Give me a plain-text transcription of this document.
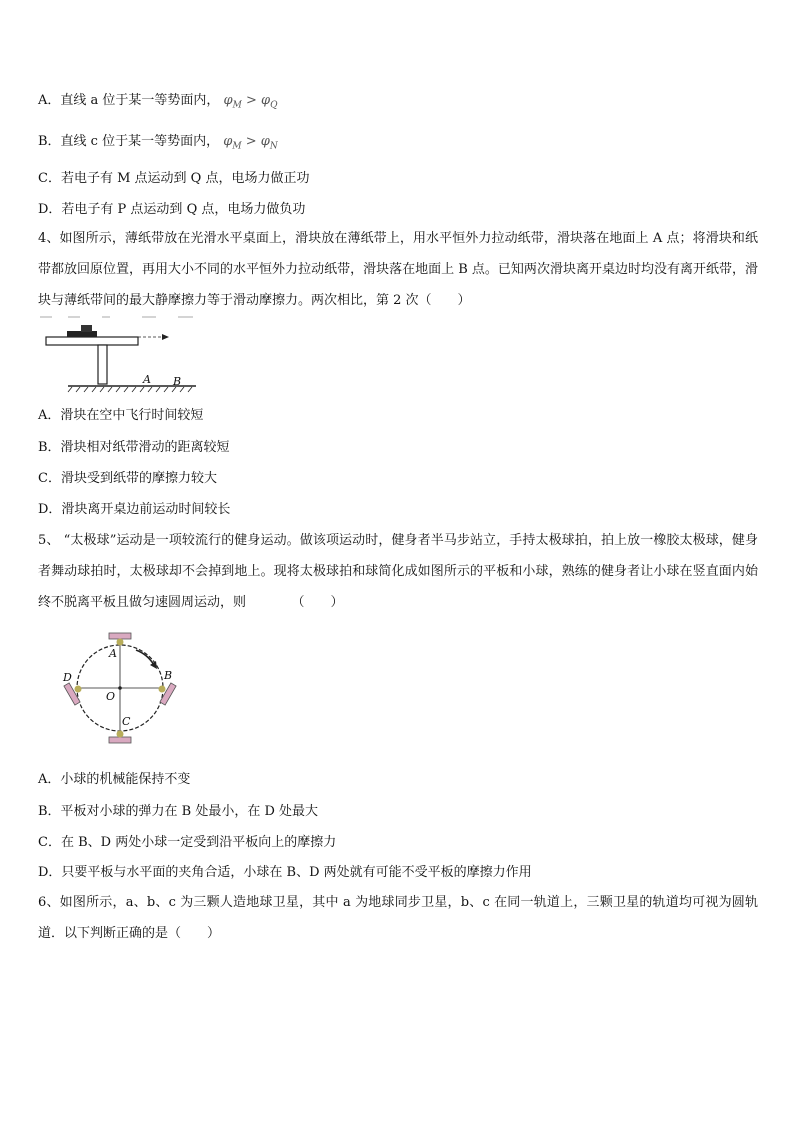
A．直线 a 位于某一等势面内， $\varphi_M > \varphi_Q$
B．直线 c 位于某一等势面内， $\varphi_M > \varphi_N$
C．若电子有 M 点运动到 Q 点，电场力做正功
D．若电子有 P 点运动到 Q 点，电场力做负功
4、如图所示，薄纸带放在光滑水平桌面上，滑块放在薄纸带上，用水平恒外力拉动纸带，滑块落在地面上 A 点；将滑块和纸带都放回原位置，再用大小不同的水平恒外力拉动纸带，滑块落在地面上 B 点。已知两次滑块离开桌边时均没有离开纸带，滑块与薄纸带间的最大静摩擦力等于滑动摩擦力。两次相比，第 2 次（　　）
A B
A．滑块在空中飞行时间较短
B．滑块相对纸带滑动的距离较短
C．滑块受到纸带的摩擦力较大
D．滑块离开桌边前运动时间较长
5、 “太极球”运动是一项较流行的健身运动。做该项运动时，健身者半马步站立，手持太极球拍，拍上放一橡胶太极球，健身者舞动球拍时，太极球却不会掉到地上。现将太极球拍和球简化成如图所示的平板和小球，熟练的健身者让小球在竖直面内始终不脱离平板且做匀速圆周运动，则　　　　（　　）
A
B
C
D
O
A．小球的机械能保持不变
B．平板对小球的弹力在 B 处最小，在 D 处最大
C．在 B、D 两处小球一定受到沿平板向上的摩擦力
D．只要平板与水平面的夹角合适，小球在 B、D 两处就有可能不受平板的摩擦力作用
6、如图所示，a、b、c 为三颗人造地球卫星，其中 a 为地球同步卫星，b、c 在同一轨道上，三颗卫星的轨道均可视为圆轨道．以下判断正确的是（　　）
